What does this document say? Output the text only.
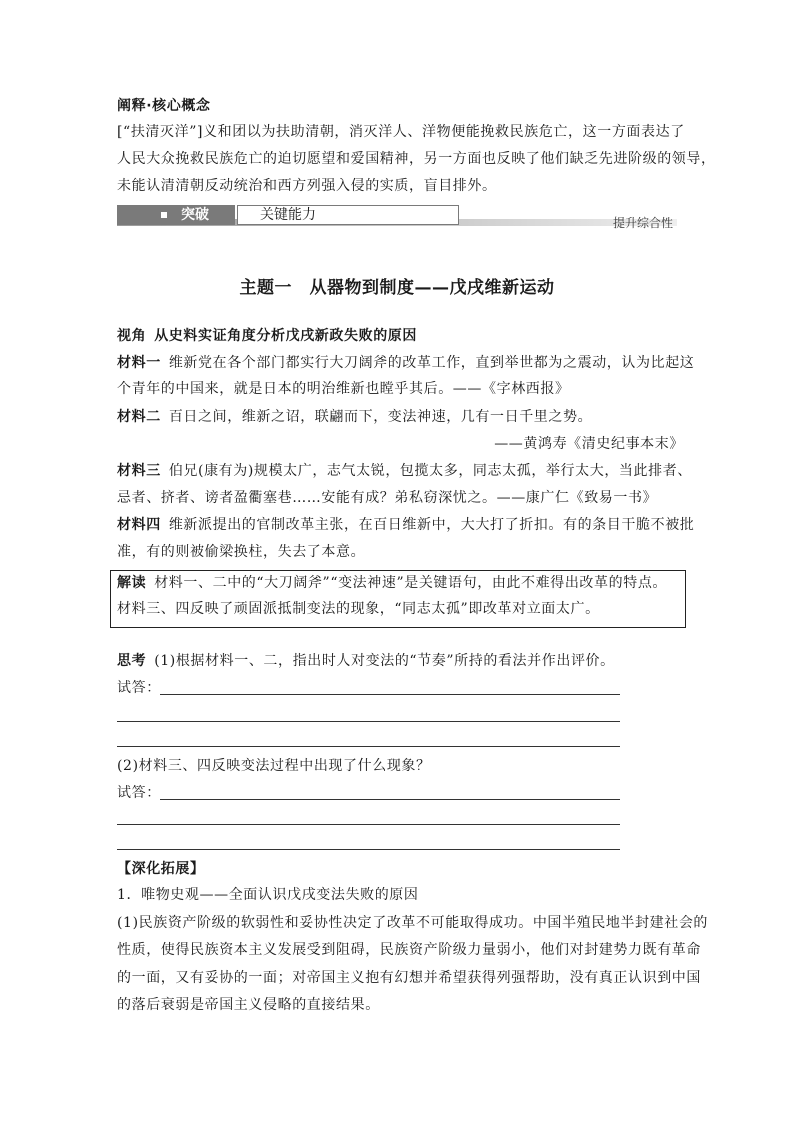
阐释·核心概念
[“扶清灭洋”]义和团以为扶助清朝，消灭洋人、洋物便能挽救民族危亡，这一方面表达了
人民大众挽救民族危亡的迫切愿望和爱国精神，另一方面也反映了他们缺乏先进阶级的领导，
未能认清清朝反动统治和西方列强入侵的实质，盲目排外。
突破	关键能力	提升综合性
主题一　从器物到制度——戊戌维新运动
视角 从史料实证角度分析戊戌新政失败的原因
材料一 维新党在各个部门都实行大刀阔斧的改革工作，直到举世都为之震动，认为比起这
个青年的中国来，就是日本的明治维新也瞠乎其后。——《字林西报》
材料二 百日之间，维新之诏，联翩而下，变法神速，几有一日千里之势。
——黄鸿寿《清史纪事本末》
材料三 伯兄(康有为)规模太广，志气太锐，包揽太多，同志太孤，举行太大，当此排者、
忌者、挤者、谤者盈衢塞巷……安能有成？弟私窃深忧之。——康广仁《致易一书》
材料四 维新派提出的官制改革主张，在百日维新中，大大打了折扣。有的条目干脆不被批
准，有的则被偷梁换柱，失去了本意。
解读 材料一、二中的“大刀阔斧”“变法神速”是关键语句，由此不难得出改革的特点。
材料三、四反映了顽固派抵制变法的现象，“同志太孤”即改革对立面太广。
思考 (1)根据材料一、二，指出时人对变法的“节奏”所持的看法并作出评价。
试答：
(2)材料三、四反映变法过程中出现了什么现象？
试答：
【深化拓展】
1．唯物史观——全面认识戊戌变法失败的原因
(1)民族资产阶级的软弱性和妥协性决定了改革不可能取得成功。中国半殖民地半封建社会的
性质，使得民族资本主义发展受到阻碍，民族资产阶级力量弱小，他们对封建势力既有革命
的一面，又有妥协的一面；对帝国主义抱有幻想并希望获得列强帮助，没有真正认识到中国
的落后衰弱是帝国主义侵略的直接结果。
